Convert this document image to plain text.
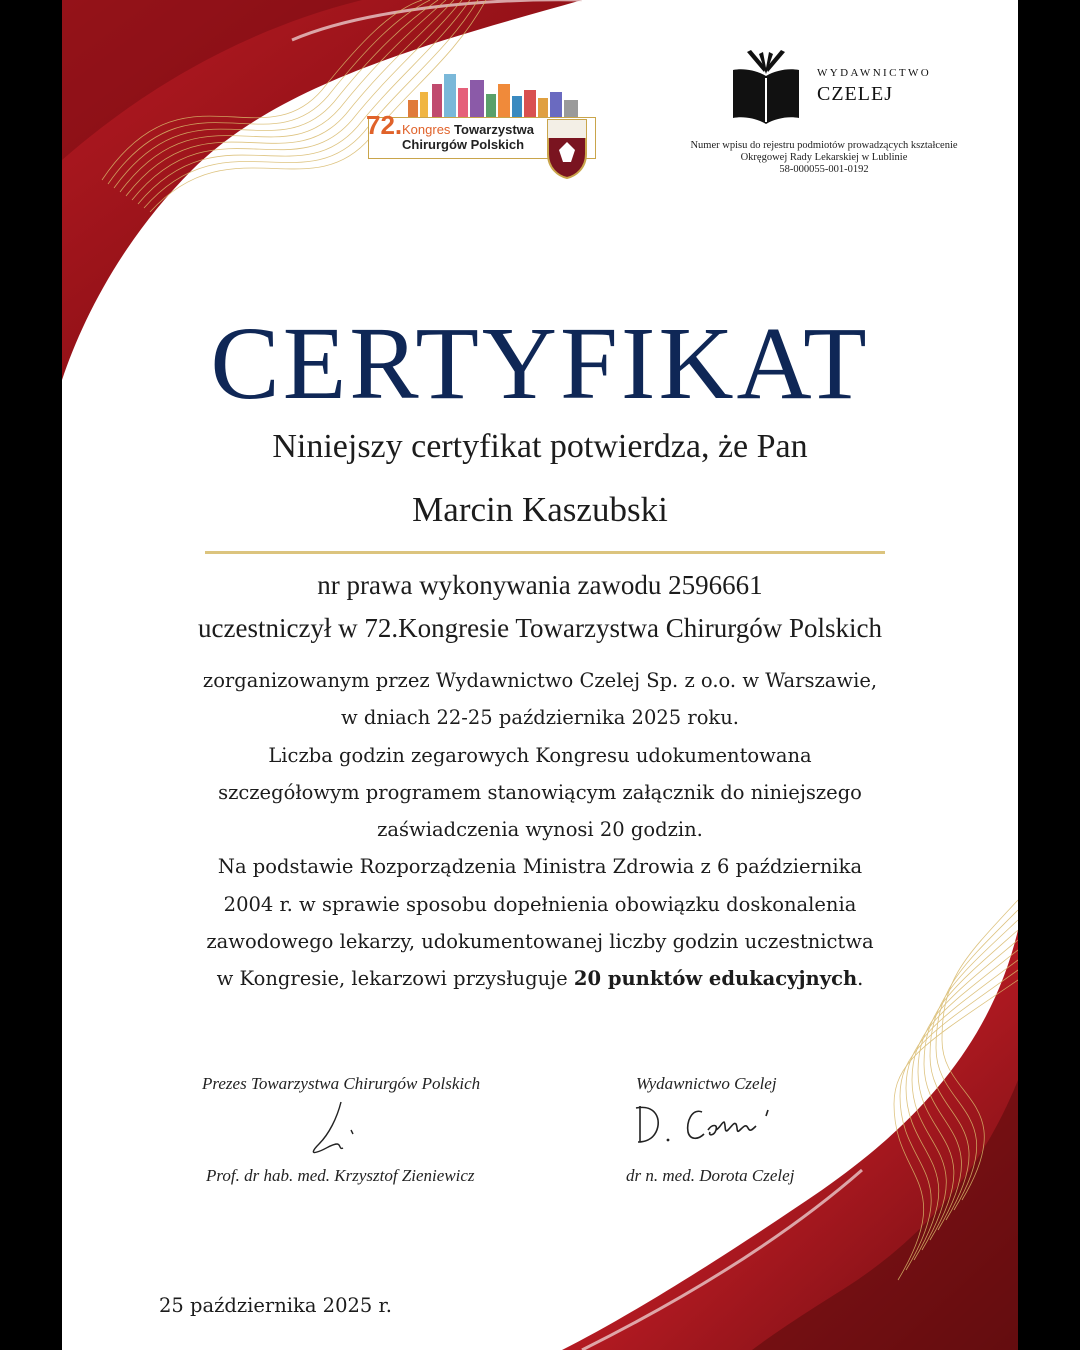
72. Kongres Towarzystwa
Chirurgów Polskich
WYDAWNICTWO
CZELEJ
Numer wpisu do rejestru podmiotów prowadzących kształcenie
Okręgowej Rady Lekarskiej w Lublinie
58-000055-001-0192
CERTYFIKAT
Niniejszy certyfikat potwierdza, że Pan
Marcin Kaszubski
nr prawa wykonywania zawodu 2596661
uczestniczył w 72.Kongresie Towarzystwa Chirurgów Polskich
zorganizowanym przez Wydawnictwo Czelej Sp. z o.o. w Warszawie,
w dniach 22-25 października 2025 roku.
Liczba godzin zegarowych Kongresu udokumentowana
szczegółowym programem stanowiącym załącznik do niniejszego
zaświadczenia wynosi 20 godzin.
Na podstawie Rozporządzenia Ministra Zdrowia z 6 października
2004 r. w sprawie sposobu dopełnienia obowiązku doskonalenia
zawodowego lekarzy, udokumentowanej liczby godzin uczestnictwa
w Kongresie, lekarzowi przysługuje 20 punktów edukacyjnych.
Prezes Towarzystwa Chirurgów Polskich
Prof. dr hab. med. Krzysztof Zieniewicz
Wydawnictwo Czelej
dr n. med. Dorota Czelej
25 października 2025 r.
